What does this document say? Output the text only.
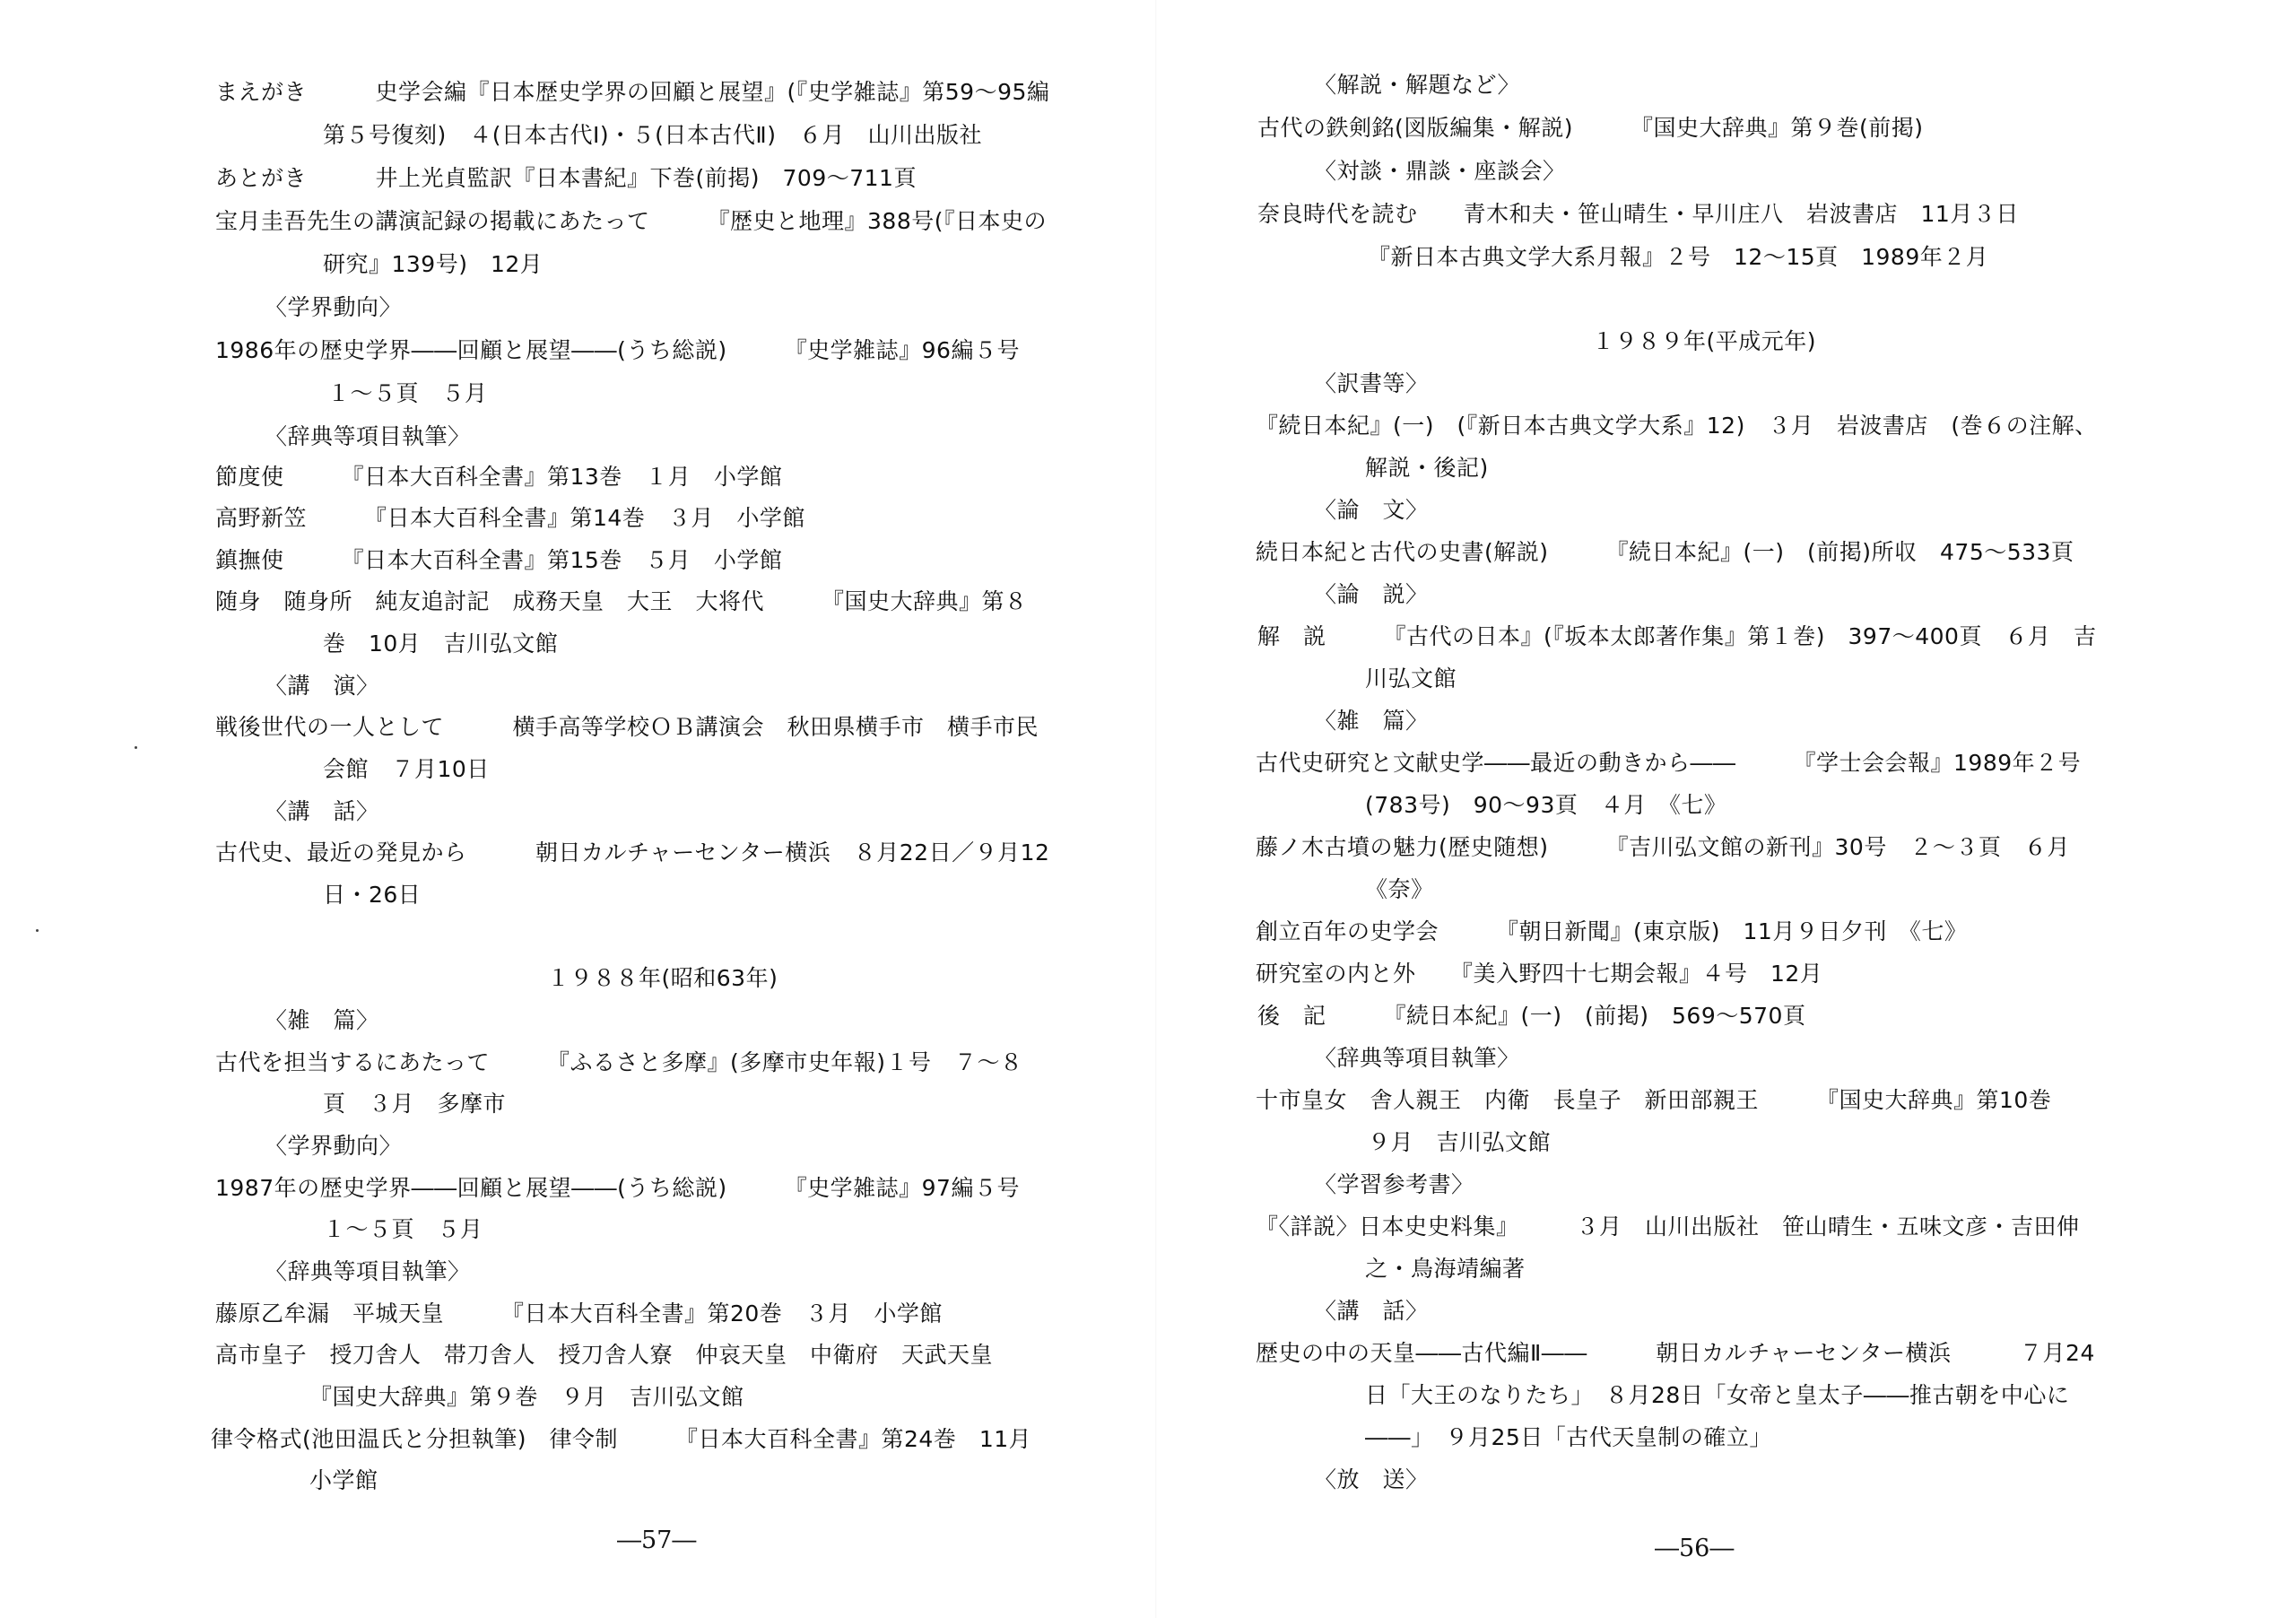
まえがき　　　史学会編『日本歴史学界の回顧と展望』(『史学雑誌』第59～95編
第５号復刻)　４(日本古代Ⅰ)・５(日本古代Ⅱ)　６月　山川出版社
あとがき　　　井上光貞監訳『日本書紀』下巻(前掲)　709～711頁
宝月圭吾先生の講演記録の掲載にあたって　　　『歴史と地理』388号(『日本史の
研究』139号)　12月
〈学界動向〉
1986年の歴史学界――回顧と展望――(うち総説)　　　『史学雑誌』96編５号
１～５頁　５月
〈辞典等項目執筆〉
節度使　　　『日本大百科全書』第13巻　１月　小学館
高野新笠　　　『日本大百科全書』第14巻　３月　小学館
鎮撫使　　　『日本大百科全書』第15巻　５月　小学館
随身　随身所　純友追討記　成務天皇　大王　大将代　　　『国史大辞典』第８
巻　10月　吉川弘文館
〈講　演〉
戦後世代の一人として　　　横手高等学校ＯＢ講演会　秋田県横手市　横手市民
会館　７月10日
〈講　話〉
古代史、最近の発見から　　　朝日カルチャーセンター横浜　８月22日／９月12
日・26日
１９８８年(昭和63年)
〈雑　篇〉
古代を担当するにあたって　　　『ふるさと多摩』(多摩市史年報)１号　７～８
頁　３月　多摩市
〈学界動向〉
1987年の歴史学界――回顧と展望――(うち総説)　　　『史学雑誌』97編５号
１～５頁　５月
〈辞典等項目執筆〉
藤原乙牟漏　平城天皇　　　『日本大百科全書』第20巻　３月　小学館
高市皇子　授刀舎人　帯刀舎人　授刀舎人寮　仲哀天皇　中衛府　天武天皇
『国史大辞典』第９巻　９月　吉川弘文館
律令格式(池田温氏と分担執筆)　律令制　　　『日本大百科全書』第24巻　11月
小学館
―57―
〈解説・解題など〉
古代の鉄剣銘(図版編集・解説)　　　『国史大辞典』第９巻(前掲)
〈対談・鼎談・座談会〉
奈良時代を読む　　青木和夫・笹山晴生・早川庄八　岩波書店　11月３日
『新日本古典文学大系月報』２号　12～15頁　1989年２月
１９８９年(平成元年)
〈訳書等〉
『続日本紀』(一)　(『新日本古典文学大系』12)　３月　岩波書店　(巻６の注解、
解説・後記)
〈論　文〉
続日本紀と古代の史書(解説)　　　『続日本紀』(一)　(前掲)所収　475～533頁
〈論　説〉
解　説　　　『古代の日本』(『坂本太郎著作集』第１巻)　397～400頁　６月　吉
川弘文館
〈雑　篇〉
古代史研究と文献史学――最近の動きから――　　　『学士会会報』1989年２号
(783号)　90～93頁　４月　《七》
藤ノ木古墳の魅力(歴史随想)　　　『吉川弘文館の新刊』30号　２～３頁　６月
《奈》
創立百年の史学会　　　『朝日新聞』(東京版)　11月９日夕刊　《七》
研究室の内と外　　『美入野四十七期会報』４号　12月
後　記　　　『続日本紀』(一)　(前掲)　569～570頁
〈辞典等項目執筆〉
十市皇女　舎人親王　内衛　長皇子　新田部親王　　　『国史大辞典』第10巻
９月　吉川弘文館
〈学習参考書〉
『〈詳説〉日本史史料集』　　　３月　山川出版社　笹山晴生・五味文彦・吉田伸
之・鳥海靖編著
〈講　話〉
歴史の中の天皇――古代編Ⅱ――　　　朝日カルチャーセンター横浜　　　７月24
日「大王のなりたち」　８月28日「女帝と皇太子――推古朝を中心に
――」　９月25日「古代天皇制の確立」
〈放　送〉
―56―
